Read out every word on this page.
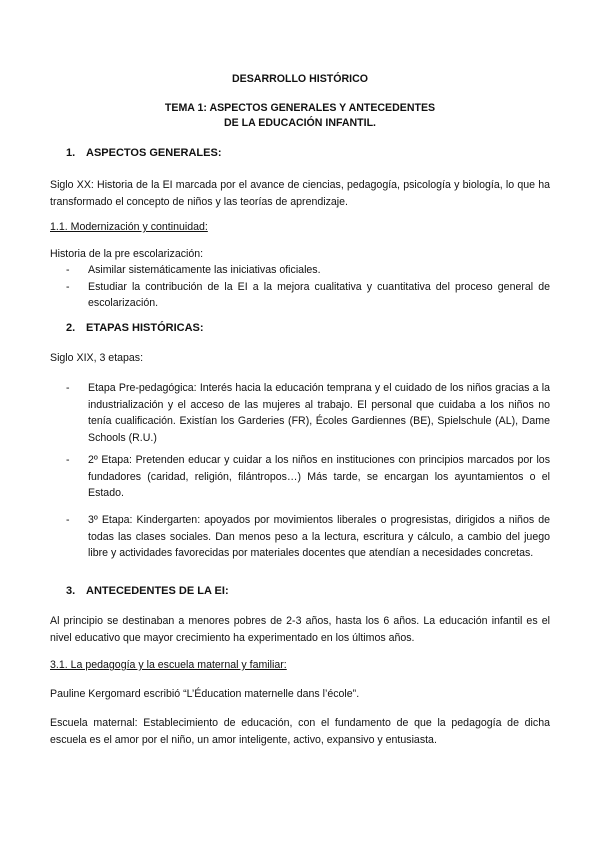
DESARROLLO HISTÓRICO

TEMA 1: ASPECTOS GENERALES Y ANTECEDENTES

DE LA EDUCACIÓN INFANTIL.

1. ASPECTOS GENERALES:

Siglo XX: Historia de la EI marcada por el avance de ciencias, pedagogía, psicología y biología, lo que ha transformado el concepto de niños y las teorías de aprendizaje.

1.1. Modernización y continuidad:

Historia de la pre escolarización:

- Asimilar sistemáticamente las iniciativas oficiales.
- Estudiar la contribución de la EI a la mejora cualitativa y cuantitativa del proceso general de escolarización.

2. ETAPAS HISTÓRICAS:

Siglo XIX, 3 etapas:

- Etapa Pre-pedagógica: Interés hacia la educación temprana y el cuidado de los niños gracias a la industrialización y el acceso de las mujeres al trabajo. El personal que cuidaba a los niños no tenía cualificación. Existían los Garderies (FR), Écoles Gardiennes (BE), Spielschule (AL), Dame Schools (R.U.)
- 2º Etapa: Pretenden educar y cuidar a los niños en instituciones con principios marcados por los fundadores (caridad, religión, filántropos…) Más tarde, se encargan los ayuntamientos o el Estado.
- 3º Etapa: Kindergarten: apoyados por movimientos liberales o progresistas, dirigidos a niños de todas las clases sociales. Dan menos peso a la lectura, escritura y cálculo, a cambio del juego libre y actividades favorecidas por materiales docentes que atendían a necesidades concretas.

3. ANTECEDENTES DE LA EI:

Al principio se destinaban a menores pobres de 2-3 años, hasta los 6 años. La educación infantil es el nivel educativo que mayor crecimiento ha experimentado en los últimos años.

3.1. La pedagogía y la escuela maternal y familiar:

Pauline Kergomard escribió “L’Éducation maternelle dans l’école”.

Escuela maternal: Establecimiento de educación, con el fundamento de que la pedagogía de dicha escuela es el amor por el niño, un amor inteligente, activo, expansivo y entusiasta.
